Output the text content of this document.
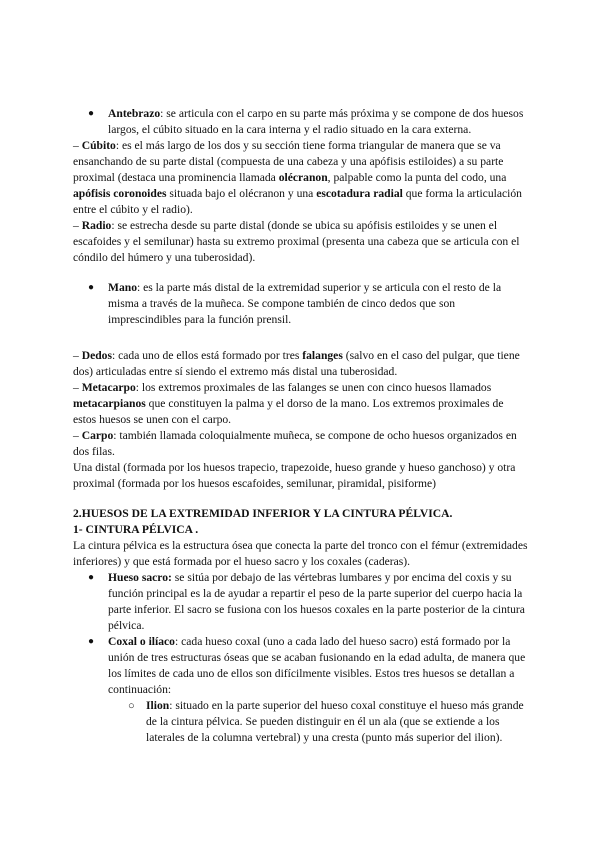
● Antebrazo: se articula con el carpo en su parte más próxima y se compone de dos huesos largos, el cúbito situado en la cara interna y el radio situado en la cara externa.
– Cúbito: es el más largo de los dos y su sección tiene forma triangular de manera que se va ensanchando de su parte distal (compuesta de una cabeza y una apófisis estiloides) a su parte proximal (destaca una prominencia llamada olécranon, palpable como la punta del codo, una apófisis coronoides situada bajo el olécranon y una escotadura radial que forma la articulación entre el cúbito y el radio).
– Radio: se estrecha desde su parte distal (donde se ubica su apófisis estiloides y se unen el escafoides y el semilunar) hasta su extremo proximal (presenta una cabeza que se articula con el cóndilo del húmero y una tuberosidad).
● Mano: es la parte más distal de la extremidad superior y se articula con el resto de la misma a través de la muñeca. Se compone también de cinco dedos que son imprescindibles para la función prensil.
– Dedos: cada uno de ellos está formado por tres falanges (salvo en el caso del pulgar, que tiene dos) articuladas entre sí siendo el extremo más distal una tuberosidad.
– Metacarpo: los extremos proximales de las falanges se unen con cinco huesos llamados metacarpianos que constituyen la palma y el dorso de la mano. Los extremos proximales de estos huesos se unen con el carpo.
– Carpo: también llamada coloquialmente muñeca, se compone de ocho huesos organizados en dos filas.
Una distal (formada por los huesos trapecio, trapezoide, hueso grande y hueso ganchoso) y otra proximal (formada por los huesos escafoides, semilunar, piramidal, pisiforme)
2.HUESOS DE LA EXTREMIDAD INFERIOR Y LA CINTURA PÉLVICA.
1- CINTURA PÉLVICA .
La cintura pélvica es la estructura ósea que conecta la parte del tronco con el fémur (extremidades inferiores) y que está formada por el hueso sacro y los coxales (caderas).
● Hueso sacro: se sitúa por debajo de las vértebras lumbares y por encima del coxis y su función principal es la de ayudar a repartir el peso de la parte superior del cuerpo hacia la parte inferior. El sacro se fusiona con los huesos coxales en la parte posterior de la cintura pélvica.
● Coxal o ilíaco: cada hueso coxal (uno a cada lado del hueso sacro) está formado por la unión de tres estructuras óseas que se acaban fusionando en la edad adulta, de manera que los límites de cada uno de ellos son difícilmente visibles. Estos tres huesos se detallan a continuación:
○ Ilion: situado en la parte superior del hueso coxal constituye el hueso más grande de la cintura pélvica. Se pueden distinguir en él un ala (que se extiende a los laterales de la columna vertebral) y una cresta (punto más superior del ilion).
